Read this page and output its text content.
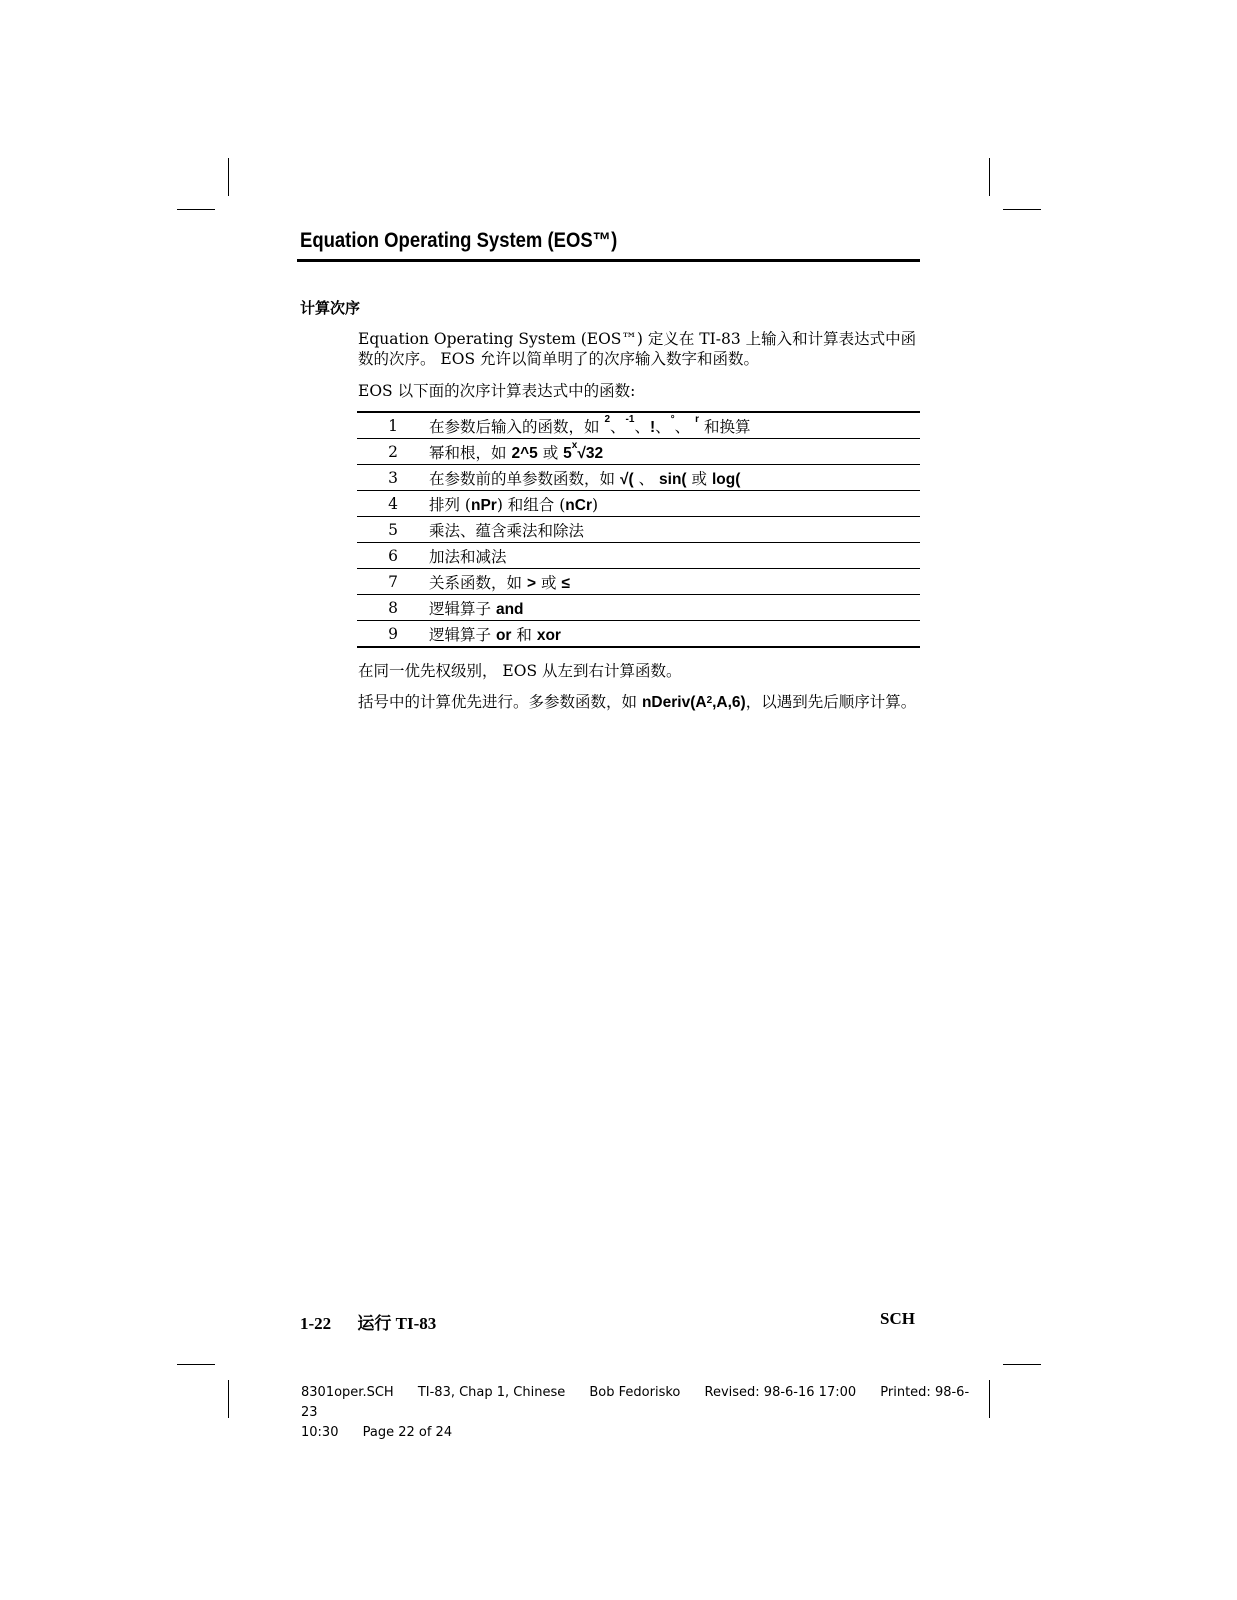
Equation Operating System (EOS™)
计算次序
Equation Operating System (EOS™) 定义在 TI-83 上输入和计算表达式中函数的次序。 EOS 允许以简单明了的次序输入数字和函数。
EOS 以下面的次序计算表达式中的函数:
1	在参数后输入的函数，如 $^2$、$^{-1}$、!、°、 $^r$ 和换算
2	幂和根，如 2^5 或 5$^x$√32
3	在参数前的单参数函数，如 √( 、 sin( 或 log(
4	排列 (nPr) 和组合 (nCr)
5	乘法、蕴含乘法和除法
6	加法和减法
7	关系函数，如 > 或 ≤
8	逻辑算子 and
9	逻辑算子 or 和 xor
在同一优先权级别， EOS 从左到右计算函数。
括号中的计算优先进行。多参数函数，如 $nDeriv(A^2,A,6)$，以遇到先后顺序计算。
1-22 运行 TI-83	SCH
8301oper.SCH TI-83, Chap 1, Chinese Bob Fedorisko Revised: 98-6-16 17:00 Printed: 98-6-23
10:30 Page 22 of 24
